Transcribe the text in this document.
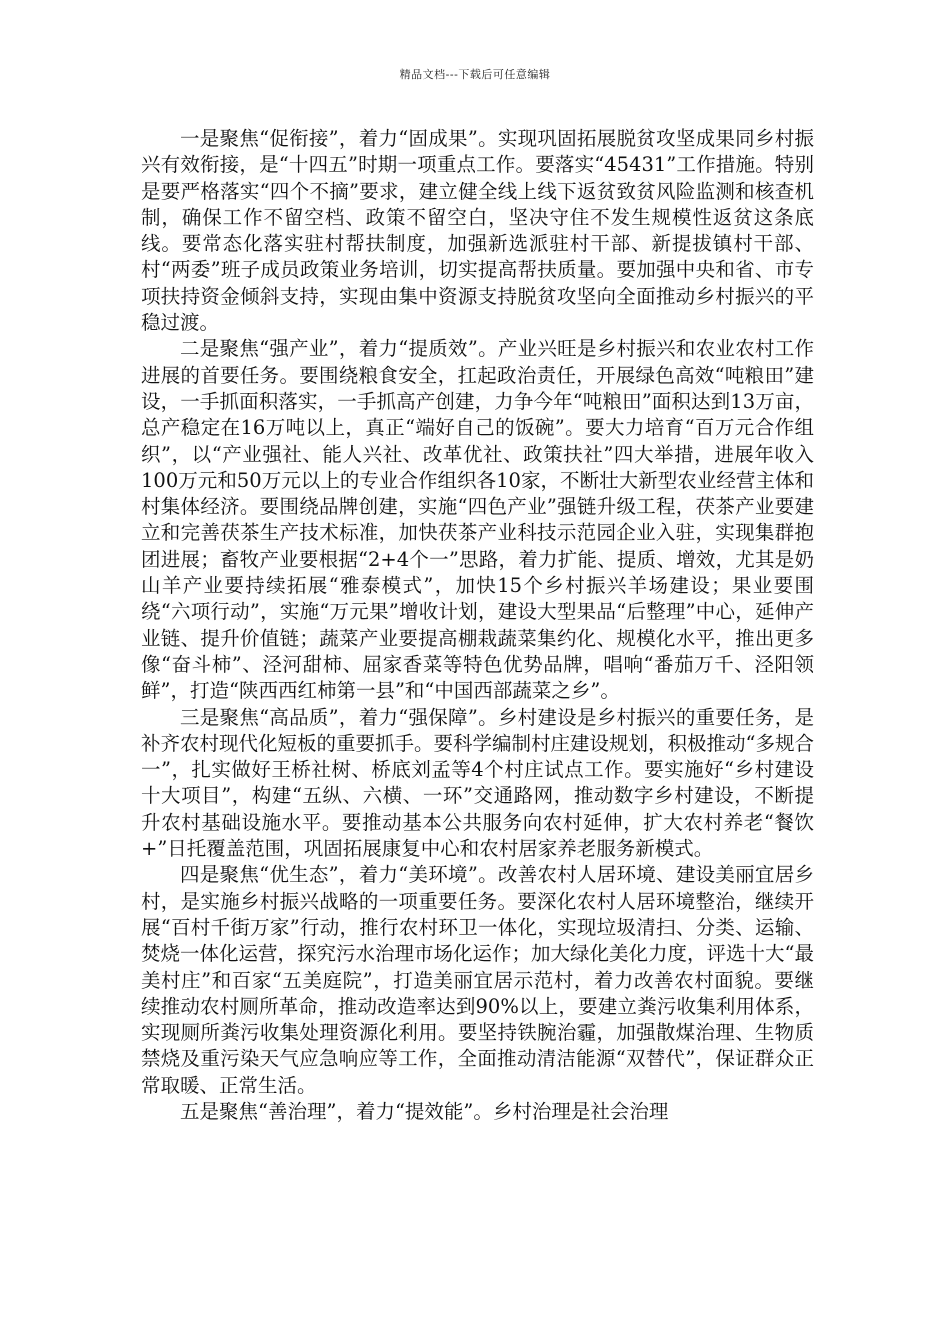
精品文档---下载后可任意编辑

一是聚焦“促衔接”，着力“固成果”。实现巩固拓展脱贫攻坚成果同乡村振兴有效衔接，是“十四五”时期一项重点工作。要落实“45431”工作措施。特别是要严格落实“四个不摘”要求，建立健全线上线下返贫致贫风险监测和核查机制，确保工作不留空档、政策不留空白，坚决守住不发生规模性返贫这条底线。要常态化落实驻村帮扶制度，加强新选派驻村干部、新提拔镇村干部、村“两委”班子成员政策业务培训，切实提高帮扶质量。要加强中央和省、市专项扶持资金倾斜支持，实现由集中资源支持脱贫攻坚向全面推动乡村振兴的平稳过渡。

二是聚焦“强产业”，着力“提质效”。产业兴旺是乡村振兴和农业农村工作进展的首要任务。要围绕粮食安全，扛起政治责任，开展绿色高效“吨粮田”建设，一手抓面积落实，一手抓高产创建，力争今年“吨粮田”面积达到13万亩，总产稳定在16万吨以上，真正“端好自己的饭碗”。要大力培育“百万元合作组织”，以“产业强社、能人兴社、改革优社、政策扶社”四大举措，进展年收入100万元和50万元以上的专业合作组织各10家，不断壮大新型农业经营主体和村集体经济。要围绕品牌创建，实施“四色产业”强链升级工程，茯茶产业要建立和完善茯茶生产技术标准，加快茯茶产业科技示范园企业入驻，实现集群抱团进展；畜牧产业要根据“2+4个一”思路，着力扩能、提质、增效，尤其是奶山羊产业要持续拓展“雅泰模式”，加快15个乡村振兴羊场建设；果业要围绕“六项行动”，实施“万元果”增收计划，建设大型果品“后整理”中心，延伸产业链、提升价值链；蔬菜产业要提高棚栽蔬菜集约化、规模化水平，推出更多像“奋斗柿”、泾河甜柿、屈家香菜等特色优势品牌，唱响“番茄万千、泾阳领鲜”，打造“陕西西红柿第一县”和“中国西部蔬菜之乡”。

三是聚焦“高品质”，着力“强保障”。乡村建设是乡村振兴的重要任务，是补齐农村现代化短板的重要抓手。要科学编制村庄建设规划，积极推动“多规合一”，扎实做好王桥社树、桥底刘孟等4个村庄试点工作。要实施好“乡村建设十大项目”，构建“五纵、六横、一环”交通路网，推动数字乡村建设，不断提升农村基础设施水平。要推动基本公共服务向农村延伸，扩大农村养老“餐饮+”日托覆盖范围，巩固拓展康复中心和农村居家养老服务新模式。

四是聚焦“优生态”，着力“美环境”。改善农村人居环境、建设美丽宜居乡村，是实施乡村振兴战略的一项重要任务。要深化农村人居环境整治，继续开展“百村千街万家”行动，推行农村环卫一体化，实现垃圾清扫、分类、运输、焚烧一体化运营，探究污水治理市场化运作；加大绿化美化力度，评选十大“最美村庄”和百家“五美庭院”，打造美丽宜居示范村，着力改善农村面貌。要继续推动农村厕所革命，推动改造率达到90%以上，要建立粪污收集利用体系，实现厕所粪污收集处理资源化利用。要坚持铁腕治霾，加强散煤治理、生物质禁烧及重污染天气应急响应等工作，全面推动清洁能源“双替代”，保证群众正常取暖、正常生活。

五是聚焦“善治理”，着力“提效能”。乡村治理是社会治理
